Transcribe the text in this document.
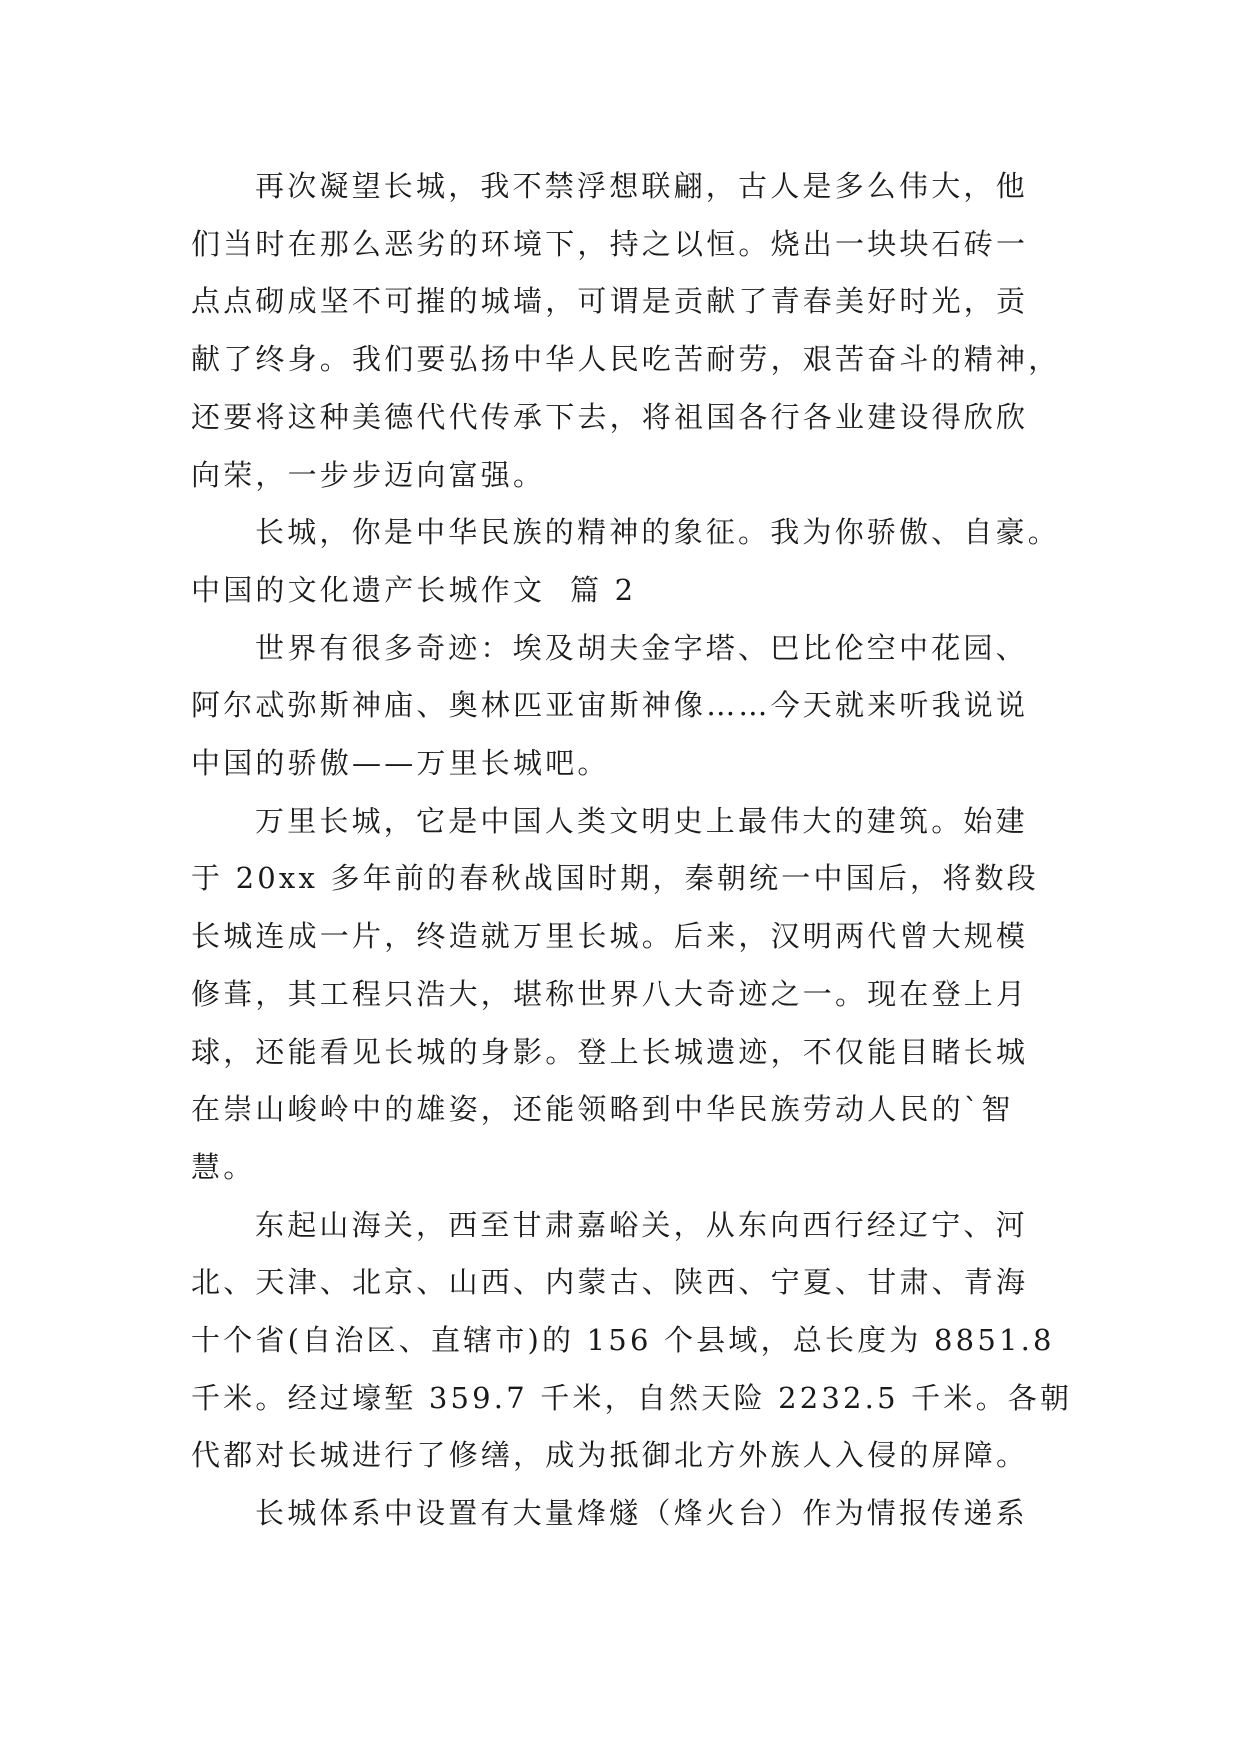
再次凝望长城，我不禁浮想联翩，古人是多么伟大，他
们当时在那么恶劣的环境下，持之以恒。烧出一块块石砖一
点点砌成坚不可摧的城墙，可谓是贡献了青春美好时光，贡
献了终身。我们要弘扬中华人民吃苦耐劳，艰苦奋斗的精神，
还要将这种美德代代传承下去，将祖国各行各业建设得欣欣
向荣，一步步迈向富强。

长城，你是中华民族的精神的象征。我为你骄傲、自豪。

中国的文化遗产长城作文  篇 2

世界有很多奇迹：埃及胡夫金字塔、巴比伦空中花园、
阿尔忒弥斯神庙、奥林匹亚宙斯神像……今天就来听我说说
中国的骄傲——万里长城吧。

万里长城，它是中国人类文明史上最伟大的建筑。始建
于 20xx 多年前的春秋战国时期，秦朝统一中国后，将数段
长城连成一片，终造就万里长城。后来，汉明两代曾大规模
修葺，其工程只浩大，堪称世界八大奇迹之一。现在登上月
球，还能看见长城的身影。登上长城遗迹，不仅能目睹长城
在崇山峻岭中的雄姿，还能领略到中华民族劳动人民的`智
慧。

东起山海关，西至甘肃嘉峪关，从东向西行经辽宁、河
北、天津、北京、山西、内蒙古、陕西、宁夏、甘肃、青海
十个省(自治区、直辖市)的 156 个县域，总长度为 8851.8
千米。经过壕堑 359.7 千米，自然天险 2232.5 千米。各朝
代都对长城进行了修缮，成为抵御北方外族人入侵的屏障。

长城体系中设置有大量烽燧（烽火台）作为情报传递系
